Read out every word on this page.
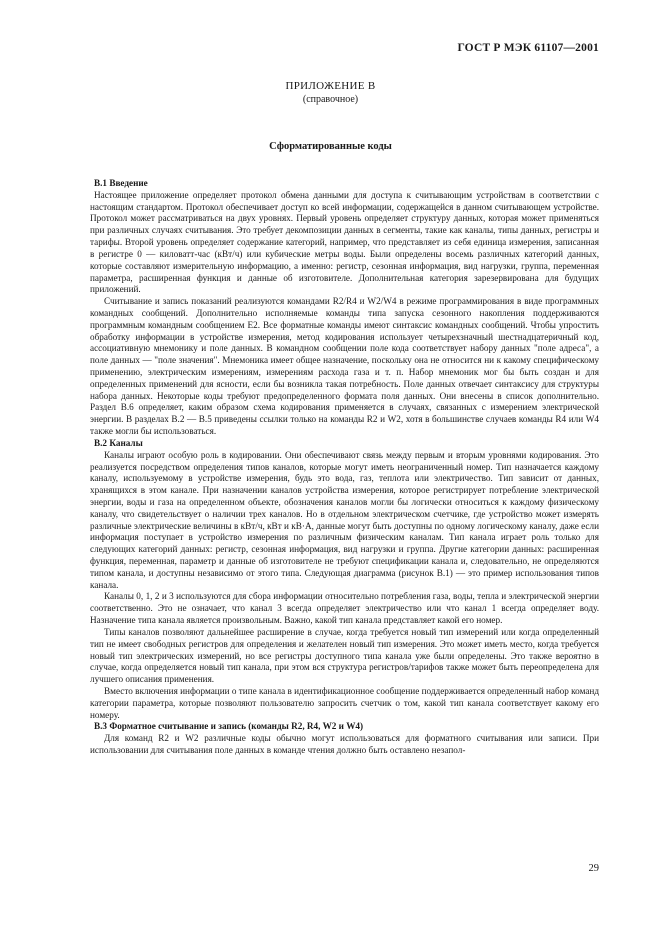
ГОСТ Р МЭК 61107—2001
ПРИЛОЖЕНИЕ В
(справочное)
Сформатированные коды
В.1 Введение

Настоящее приложение определяет протокол обмена данными для доступа к считывающим устройствам в соответствии с настоящим стандартом. Протокол обеспечивает доступ ко всей информации, содержащейся в данном считывающем устройстве. Протокол может рассматриваться на двух уровнях. Первый уровень определяет структуру данных, которая может применяться при различных случаях считывания. Это требует декомпозиции данных в сегменты, такие как каналы, типы данных, регистры и тарифы. Второй уровень определяет содержание категорий, например, что представляет из себя единица измерения, записанная в регистре 0 — киловатт-час (кВт/ч) или кубические метры воды. Были определены восемь различных категорий данных, которые составляют измерительную информацию, а именно: регистр, сезонная информация, вид нагрузки, группа, переменная параметра, расширенная функция и данные об изготовителе. Дополнительная категория зарезервирована для будущих приложений.

Считывание и запись показаний реализуются командами R2/R4 и W2/W4 в режиме программирования в виде программных командных сообщений. Дополнительно исполняемые команды типа запуска сезонного накопления поддерживаются программным командным сообщением Е2. Все форматные команды имеют синтаксис командных сообщений. Чтобы упростить обработку информации в устройстве измерения, метод кодирования использует четырехзначный шестнадцатеричный код, ассоциативную мнемонику и поле данных. В командном сообщении поле кода соответствует набору данных "поле адреса", а поле данных — "поле значения". Мнемоника имеет общее назначение, поскольку она не относится ни к какому специфическому применению, электрическим измерениям, измерениям расхода газа и т. п. Набор мнемоник мог бы быть создан и для определенных применений для ясности, если бы возникла такая потребность. Поле данных отвечает синтаксису для структуры набора данных. Некоторые коды требуют предопределенного формата поля данных. Они внесены в список дополнительно. Раздел В.6 определяет, каким образом схема кодирования применяется в случаях, связанных с измерением электрической энергии. В разделах В.2 — В.5 приведены ссылки только на команды R2 и W2, хотя в большинстве случаев команды R4 или W4 также могли бы использоваться.

В.2 Каналы

Каналы играют особую роль в кодировании. Они обеспечивают связь между первым и вторым уровнями кодирования. Это реализуется посредством определения типов каналов, которые могут иметь неограниченный номер. Тип назначается каждому каналу, используемому в устройстве измерения, будь это вода, газ, теплота или электричество. Тип зависит от данных, хранящихся в этом канале. При назначении каналов устройства измерения, которое регистрирует потребление электрической энергии, воды и газа на определенном объекте, обозначения каналов могли бы логически относиться к каждому физическому каналу, что свидетельствует о наличии трех каналов. Но в отдельном электрическом счетчике, где устройство может измерять различные электрические величины в кВт/ч, кВт и кВ·А, данные могут быть доступны по одному логическому каналу, даже если информация поступает в устройство измерения по различным физическим каналам. Тип канала играет роль только для следующих категорий данных: регистр, сезонная информация, вид нагрузки и группа. Другие категории данных: расширенная функция, переменная, параметр и данные об изготовителе не требуют спецификации канала и, следовательно, не определяются типом канала, и доступны независимо от этого типа. Следующая диаграмма (рисунок В.1) — это пример использования типов канала.

Каналы 0, 1, 2 и 3 используются для сбора информации относительно потребления газа, воды, тепла и электрической энергии соответственно. Это не означает, что канал 3 всегда определяет электричество или что канал 1 всегда определяет воду. Назначение типа канала является произвольным. Важно, какой тип канала представляет какой его номер.

Типы каналов позволяют дальнейшее расширение в случае, когда требуется новый тип измерений или когда определенный тип не имеет свободных регистров для определения и желателен новый тип измерения. Это может иметь место, когда требуется новый тип электрических измерений, но все регистры доступного типа канала уже были определены. Это также вероятно в случае, когда определяется новый тип канала, при этом вся структура регистров/тарифов также может быть переопределена для лучшего описания применения.

Вместо включения информации о типе канала в идентификационное сообщение поддерживается определенный набор команд категории параметра, которые позволяют пользователю запросить счетчик о том, какой тип канала соответствует какому его номеру.

В.3 Форматное считывание и запись (команды R2, R4, W2 и W4)

Для команд R2 и W2 различные коды обычно могут использоваться для форматного считывания или записи. При использовании для считывания поле данных в команде чтения должно быть оставлено незапол-

29
